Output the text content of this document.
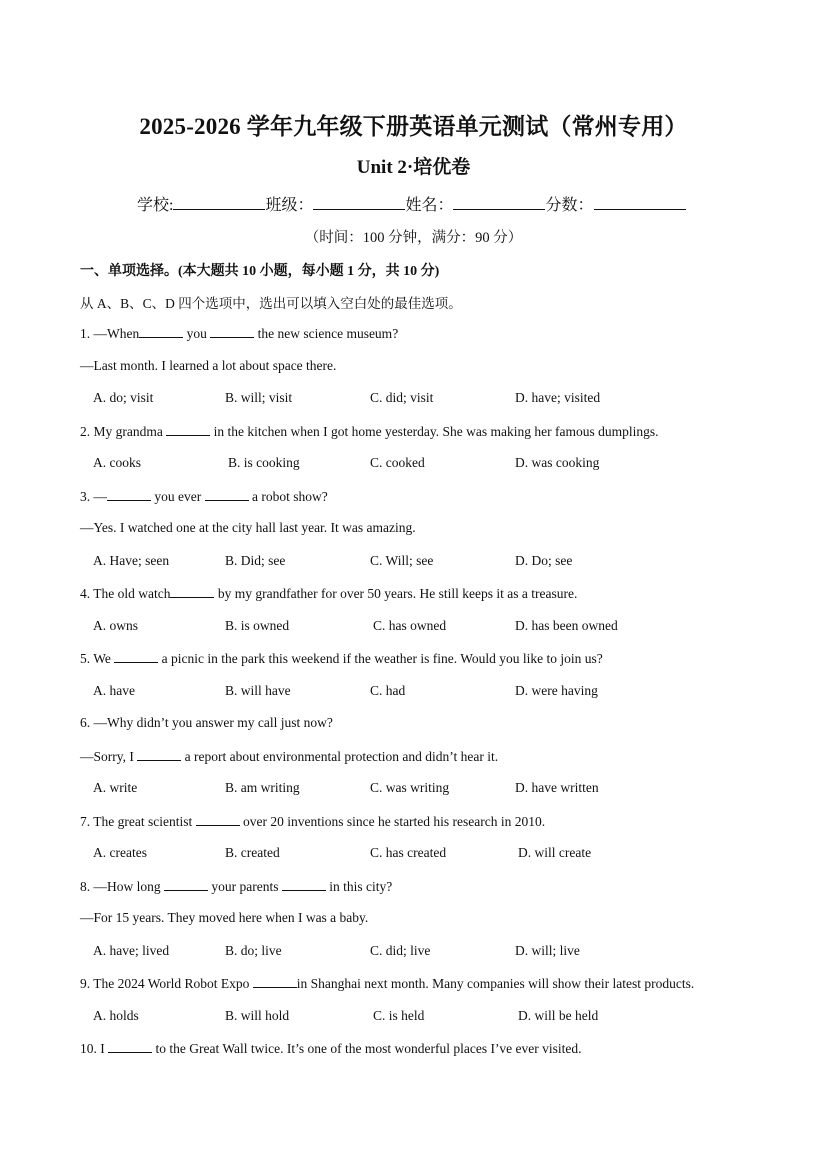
2025-2026 学年九年级下册英语单元测试（常州专用）
Unit 2·培优卷
学校:	班级：	姓名：	分数：
（时间：100 分钟，满分：90 分）
一、单项选择。(本大题共 10 小题，每小题 1 分，共 10 分)
从 A、B、C、D 四个选项中，选出可以填入空白处的最佳选项。
1. —When	you	the new science museum?
—Last month. I learned a lot about space there.
A. do; visit	B. will; visit	C. did; visit	D. have; visited
2. My grandma	in the kitchen when I got home yesterday. She was making her famous dumplings.
A. cooks	B. is cooking	C. cooked	D. was cooking
3. —	you ever	a robot show?
—Yes. I watched one at the city hall last year. It was amazing.
A. Have; seen	B. Did; see	C. Will; see	D. Do; see
4. The old watch	by my grandfather for over 50 years. He still keeps it as a treasure.
A. owns	B. is owned	C. has owned	D. has been owned
5. We	a picnic in the park this weekend if the weather is fine. Would you like to join us?
A. have	B. will have	C. had	D. were having
6. —Why didn’t you answer my call just now?
—Sorry, I	a report about environmental protection and didn’t hear it.
A. write	B. am writing	C. was writing	D. have written
7. The great scientist	over 20 inventions since he started his research in 2010.
A. creates	B. created	C. has created	D. will create
8. —How long	your parents	in this city?
—For 15 years. They moved here when I was a baby.
A. have; lived	B. do; live	C. did; live	D. will; live
9. The 2024 World Robot Expo	in Shanghai next month. Many companies will show their latest products.
A. holds	B. will hold	C. is held	D. will be held
10. I	to the Great Wall twice. It’s one of the most wonderful places I’ve ever visited.
